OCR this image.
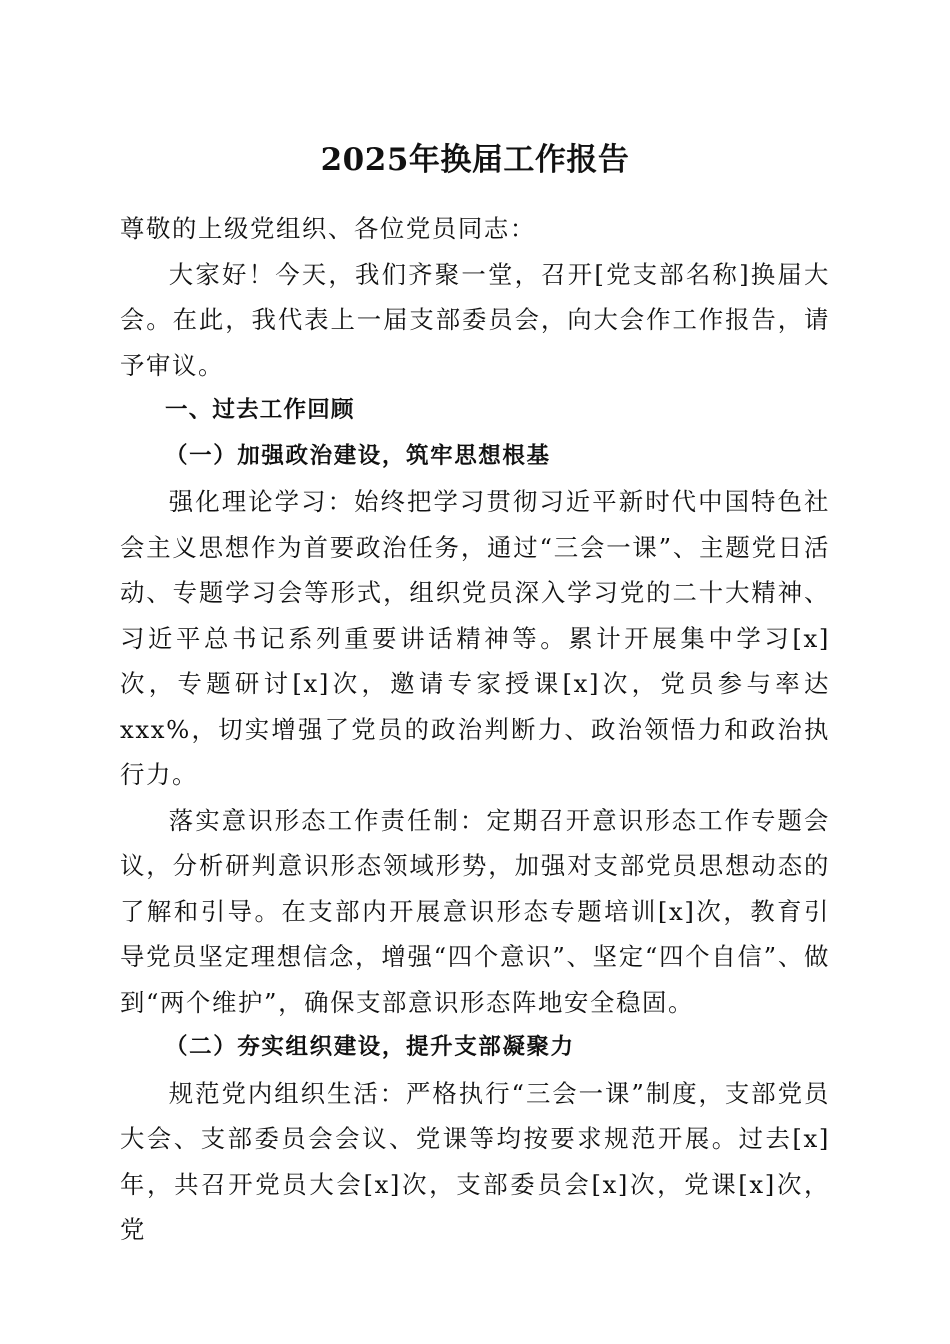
2025年换届工作报告

尊敬的上级党组织、各位党员同志：

大家好！今天，我们齐聚一堂，召开[党支部名称]换届大会。在此，我代表上一届支部委员会，向大会作工作报告，请予审议。

一、过去工作回顾

（一）加强政治建设，筑牢思想根基

强化理论学习：始终把学习贯彻习近平新时代中国特色社会主义思想作为首要政治任务，通过“三会一课”、主题党日活动、专题学习会等形式，组织党员深入学习党的二十大精神、习近平总书记系列重要讲话精神等。累计开展集中学习[x]次，专题研讨[x]次，邀请专家授课[x]次，党员参与率达xxx%，切实增强了党员的政治判断力、政治领悟力和政治执行力。

落实意识形态工作责任制：定期召开意识形态工作专题会议，分析研判意识形态领域形势，加强对支部党员思想动态的了解和引导。在支部内开展意识形态专题培训[x]次，教育引导党员坚定理想信念，增强“四个意识”、坚定“四个自信”、做到“两个维护”，确保支部意识形态阵地安全稳固。

（二）夯实组织建设，提升支部凝聚力

规范党内组织生活：严格执行“三会一课”制度，支部党员大会、支部委员会会议、党课等均按要求规范开展。过去[x]年，共召开党员大会[x]次，支部委员会[x]次，党课[x]次，党
